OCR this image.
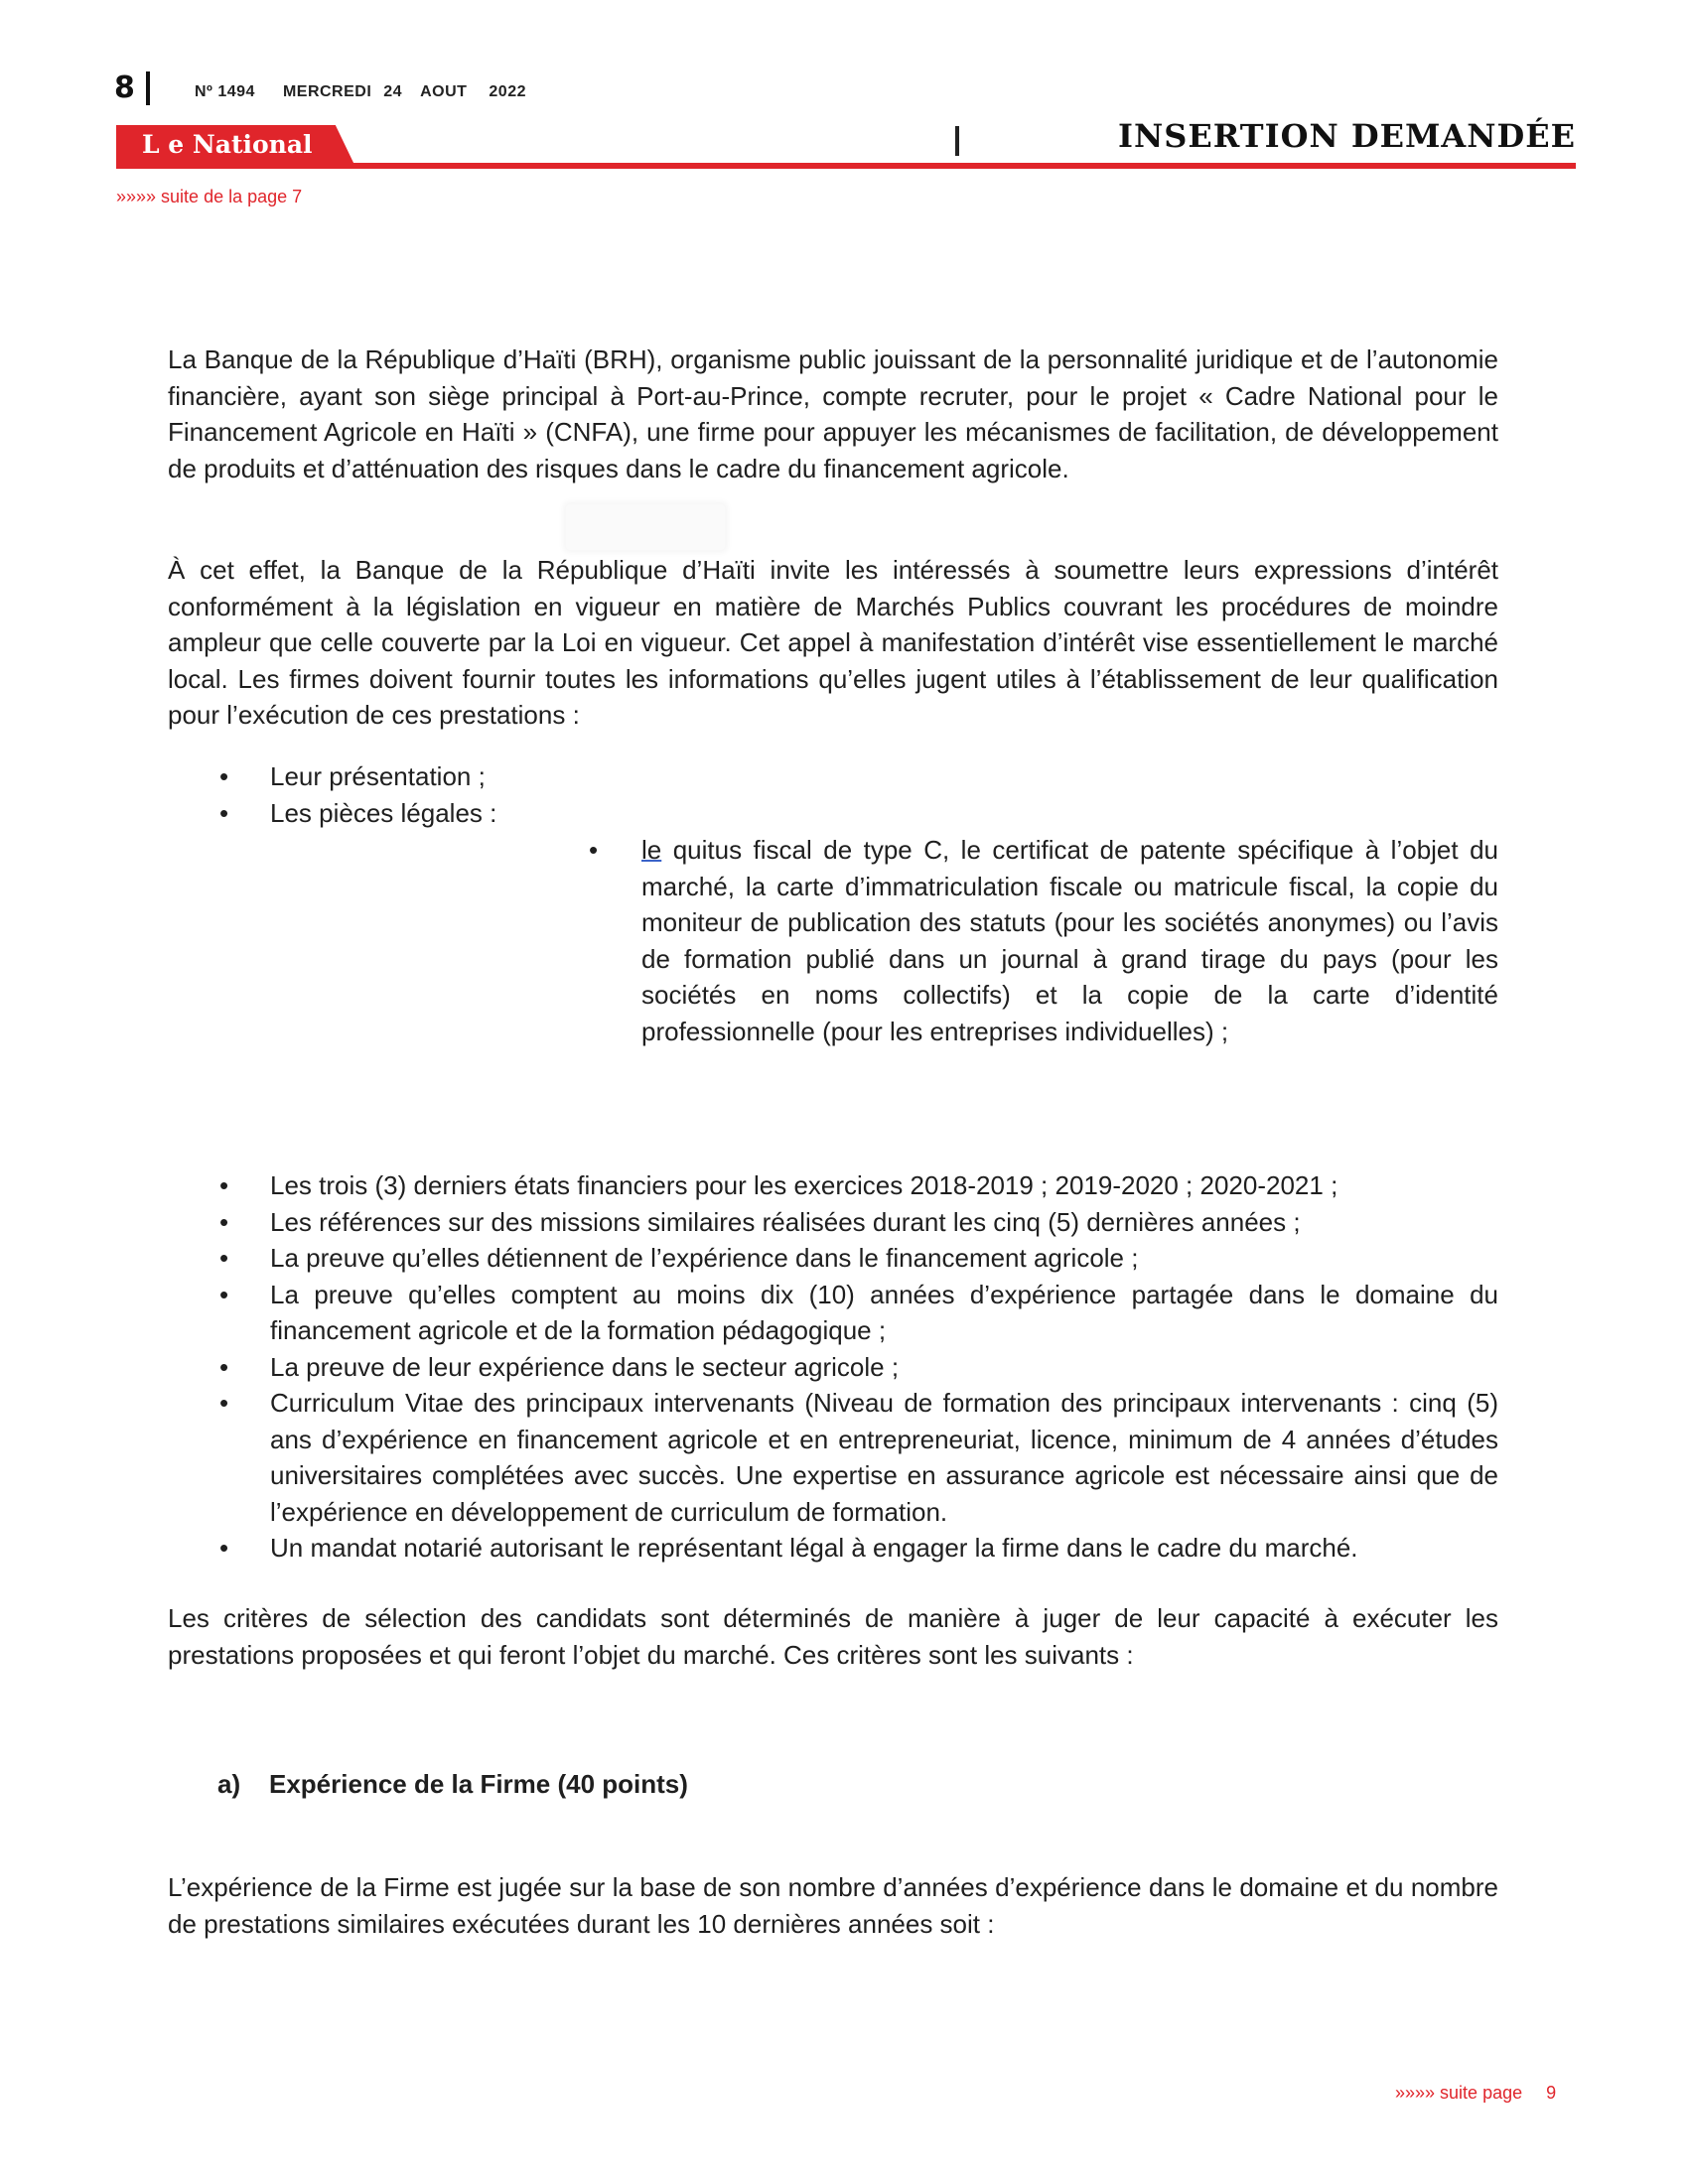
8	Nº 1494 MERCREDI 24 AOUT 2022
L e National	INSERTION DEMANDÉE
»»»» suite de la page 7
La Banque de la République d’Haïti (BRH), organisme public jouissant de la personnalité juridique et de l’autonomie financière, ayant son siège principal à Port-au-Prince, compte recruter, pour le projet « Cadre National pour le Financement Agricole en Haïti » (CNFA), une firme pour appuyer les mécanismes de facilitation, de développement de produits et d’atténuation des risques dans le cadre du financement agricole.
À cet effet, la Banque de la République d’Haïti invite les intéressés à soumettre leurs expressions d’intérêt conformément à la législation en vigueur en matière de Marchés Publics couvrant les procédures de moindre ampleur que celle couverte par la Loi en vigueur. Cet appel à manifestation d’intérêt vise essentiellement le marché local. Les firmes doivent fournir toutes les informations qu’elles jugent utiles à l’établissement de leur qualification pour l’exécution de ces prestations :
• Leur présentation ;
• Les pièces légales :
• le quitus fiscal de type C, le certificat de patente spécifique à l’objet du marché, la carte d’immatriculation fiscale ou matricule fiscal, la copie du moniteur de publication des statuts (pour les sociétés anonymes) ou l’avis de formation publié dans un journal à grand tirage du pays (pour les sociétés en noms collectifs) et la copie de la carte d’identité professionnelle (pour les entreprises individuelles) ;
• Les trois (3) derniers états financiers pour les exercices 2018-2019 ; 2019-2020 ; 2020-2021 ;
• Les références sur des missions similaires réalisées durant les cinq (5) dernières années ;
• La preuve qu’elles détiennent de l’expérience dans le financement agricole ;
• La preuve qu’elles comptent au moins dix (10) années d’expérience partagée dans le domaine du financement agricole et de la formation pédagogique ;
• La preuve de leur expérience dans le secteur agricole ;
• Curriculum Vitae des principaux intervenants (Niveau de formation des principaux intervenants : cinq (5) ans d’expérience en financement agricole et en entrepreneuriat, licence, minimum de 4 années d’études universitaires complétées avec succès. Une expertise en assurance agricole est nécessaire ainsi que de l’expérience en développement de curriculum de formation.
• Un mandat notarié autorisant le représentant légal à engager la firme dans le cadre du marché.
Les critères de sélection des candidats sont déterminés de manière à juger de leur capacité à exécuter les prestations proposées et qui feront l’objet du marché. Ces critères sont les suivants :
a) Expérience de la Firme (40 points)
L’expérience de la Firme est jugée sur la base de son nombre d’années d’expérience dans le domaine et du nombre de prestations similaires exécutées durant les 10 dernières années soit :
»»»» suite page 9
